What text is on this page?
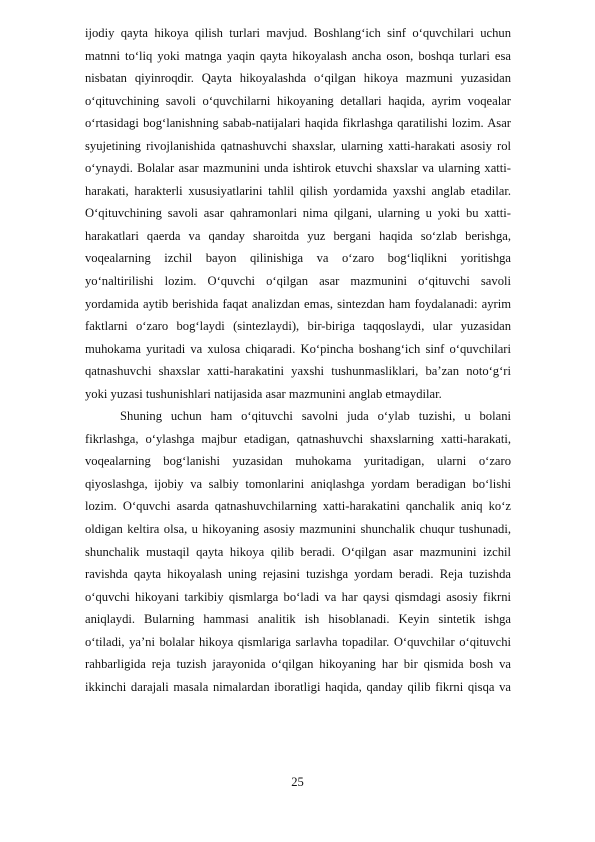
ijodiy qayta hikoya qilish turlari mavjud. Boshlang‘ich sinf o‘quvchilari uchun
matnni to‘liq yoki matnga yaqin qayta hikoyalash ancha oson, boshqa turlari esa
nisbatan qiyinroqdir. Qayta hikoyalashda o‘qilgan hikoya mazmuni yuzasidan
o‘qituvchining savoli o‘quvchilarni hikoyaning detallari haqida, ayrim voqealar
o‘rtasidagi bog‘lanishning sabab-natijalari haqida fikrlashga qaratilishi lozim. Asar
syujetining rivojlanishida qatnashuvchi shaxslar, ularning xatti-harakati asosiy rol
o‘ynaydi. Bolalar asar mazmunini unda ishtirok etuvchi shaxslar va ularning xatti-
harakati, harakterli xususiyatlarini tahlil qilish yordamida yaxshi anglab etadilar.
O‘qituvchining savoli asar qahramonlari nima qilgani, ularning u yoki bu xatti-
harakatlari qaerda va qanday sharoitda yuz bergani haqida so‘zlab berishga,
voqealarning izchil bayon qilinishiga va o‘zaro bog‘liqlikni yoritishga
yo‘naltirilishi lozim. O‘quvchi o‘qilgan asar mazmunini o‘qituvchi savoli
yordamida aytib berishida faqat analizdan emas, sintezdan ham foydalanadi: ayrim
faktlarni o‘zaro bog‘laydi (sintezlaydi), bir-biriga taqqoslaydi, ular yuzasidan
muhokama yuritadi va xulosa chiqaradi. Ko‘pincha boshang‘ich sinf o‘quvchilari
qatnashuvchi shaxslar xatti-harakatini yaxshi tushunmasliklari, ba’zan noto‘g‘ri
yoki yuzasi tushunishlari natijasida asar mazmunini anglab etmaydilar.
Shuning uchun ham o‘qituvchi savolni juda o‘ylab tuzishi, u bolani
fikrlashga, o‘ylashga majbur etadigan, qatnashuvchi shaxslarning xatti-harakati,
voqealarning bog‘lanishi yuzasidan muhokama yuritadigan, ularni o‘zaro
qiyoslashga, ijobiy va salbiy tomonlarini aniqlashga yordam beradigan bo‘lishi
lozim. O‘quvchi asarda qatnashuvchilarning xatti-harakatini qanchalik aniq ko‘z
oldigan keltira olsa, u hikoyaning asosiy mazmunini shunchalik chuqur tushunadi,
shunchalik mustaqil qayta hikoya qilib beradi. O‘qilgan asar mazmunini izchil
ravishda qayta hikoyalash uning rejasini tuzishga yordam beradi. Reja tuzishda
o‘quvchi hikoyani tarkibiy qismlarga bo‘ladi va har qaysi qismdagi asosiy fikrni
aniqlaydi. Bularning hammasi analitik ish hisoblanadi. Keyin sintetik ishga
o‘tiladi, ya’ni bolalar hikoya qismlariga sarlavha topadilar. O‘quvchilar o‘qituvchi
rahbarligida reja tuzish jarayonida o‘qilgan hikoyaning har bir qismida bosh va
ikkinchi darajali masala nimalardan iboratligi haqida, qanday qilib fikrni qisqa va
25
